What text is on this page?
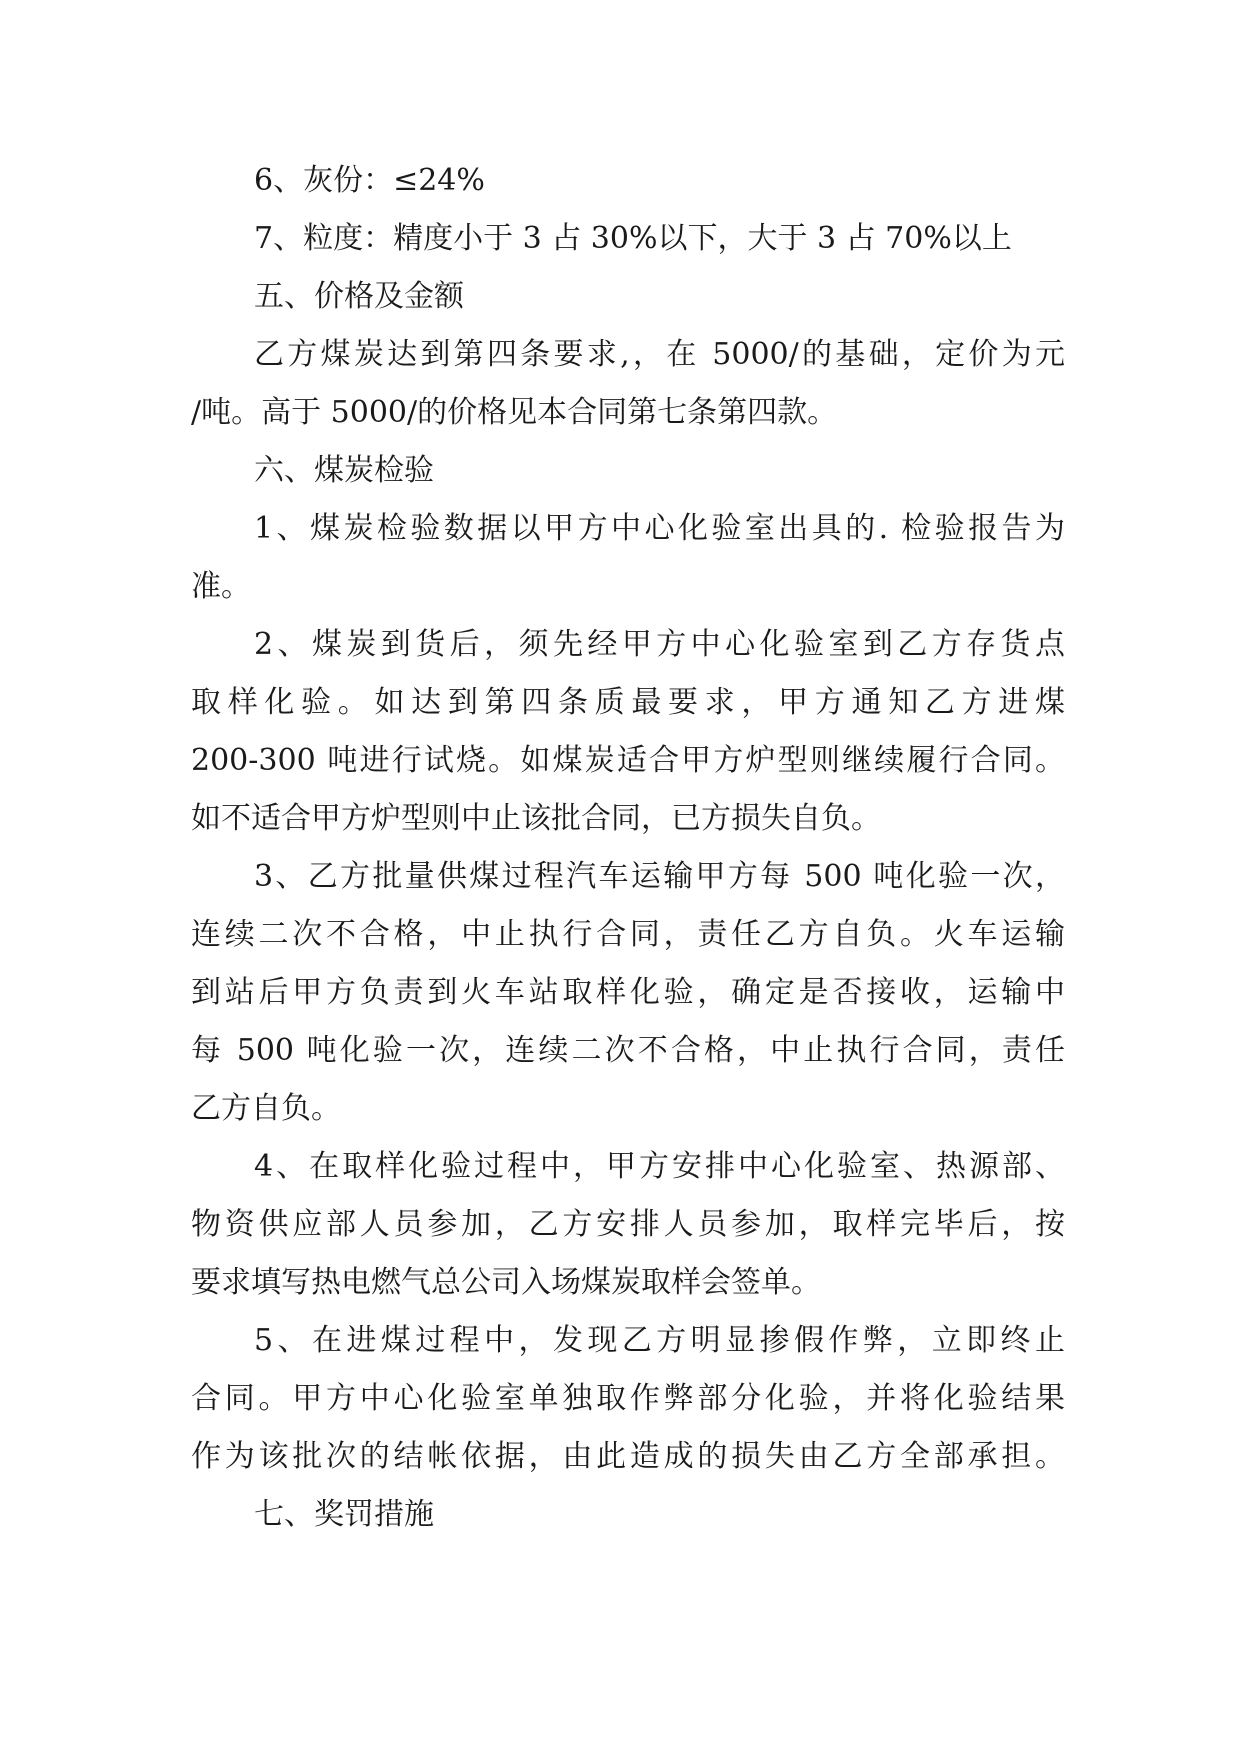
6、灰份：≤24%
7、粒度：精度小于 3 占 30%以下，大于 3 占 70%以上
五、价格及金额
乙方煤炭达到第四条要求,，在 5000/的基础，定价为元
/吨。高于 5000/的价格见本合同第七条第四款。
六、煤炭检验
1、煤炭检验数据以甲方中心化验室出具的. 检验报告为
准。
2、煤炭到货后，须先经甲方中心化验室到乙方存货点
取样化验。如达到第四条质最要求，甲方通知乙方进煤
200-300 吨进行试烧。如煤炭适合甲方炉型则继续履行合同。
如不适合甲方炉型则中止该批合同，已方损失自负。
3、乙方批量供煤过程汽车运输甲方每 500 吨化验一次，
连续二次不合格，中止执行合同，责任乙方自负。火车运输
到站后甲方负责到火车站取样化验，确定是否接收，运输中
每 500 吨化验一次，连续二次不合格，中止执行合同，责任
乙方自负。
4、在取样化验过程中，甲方安排中心化验室、热源部、
物资供应部人员参加，乙方安排人员参加，取样完毕后，按
要求填写热电燃气总公司入场煤炭取样会签单。
5、在进煤过程中，发现乙方明显掺假作弊，立即终止
合同。甲方中心化验室单独取作弊部分化验，并将化验结果
作为该批次的结帐依据，由此造成的损失由乙方全部承担。
七、奖罚措施
